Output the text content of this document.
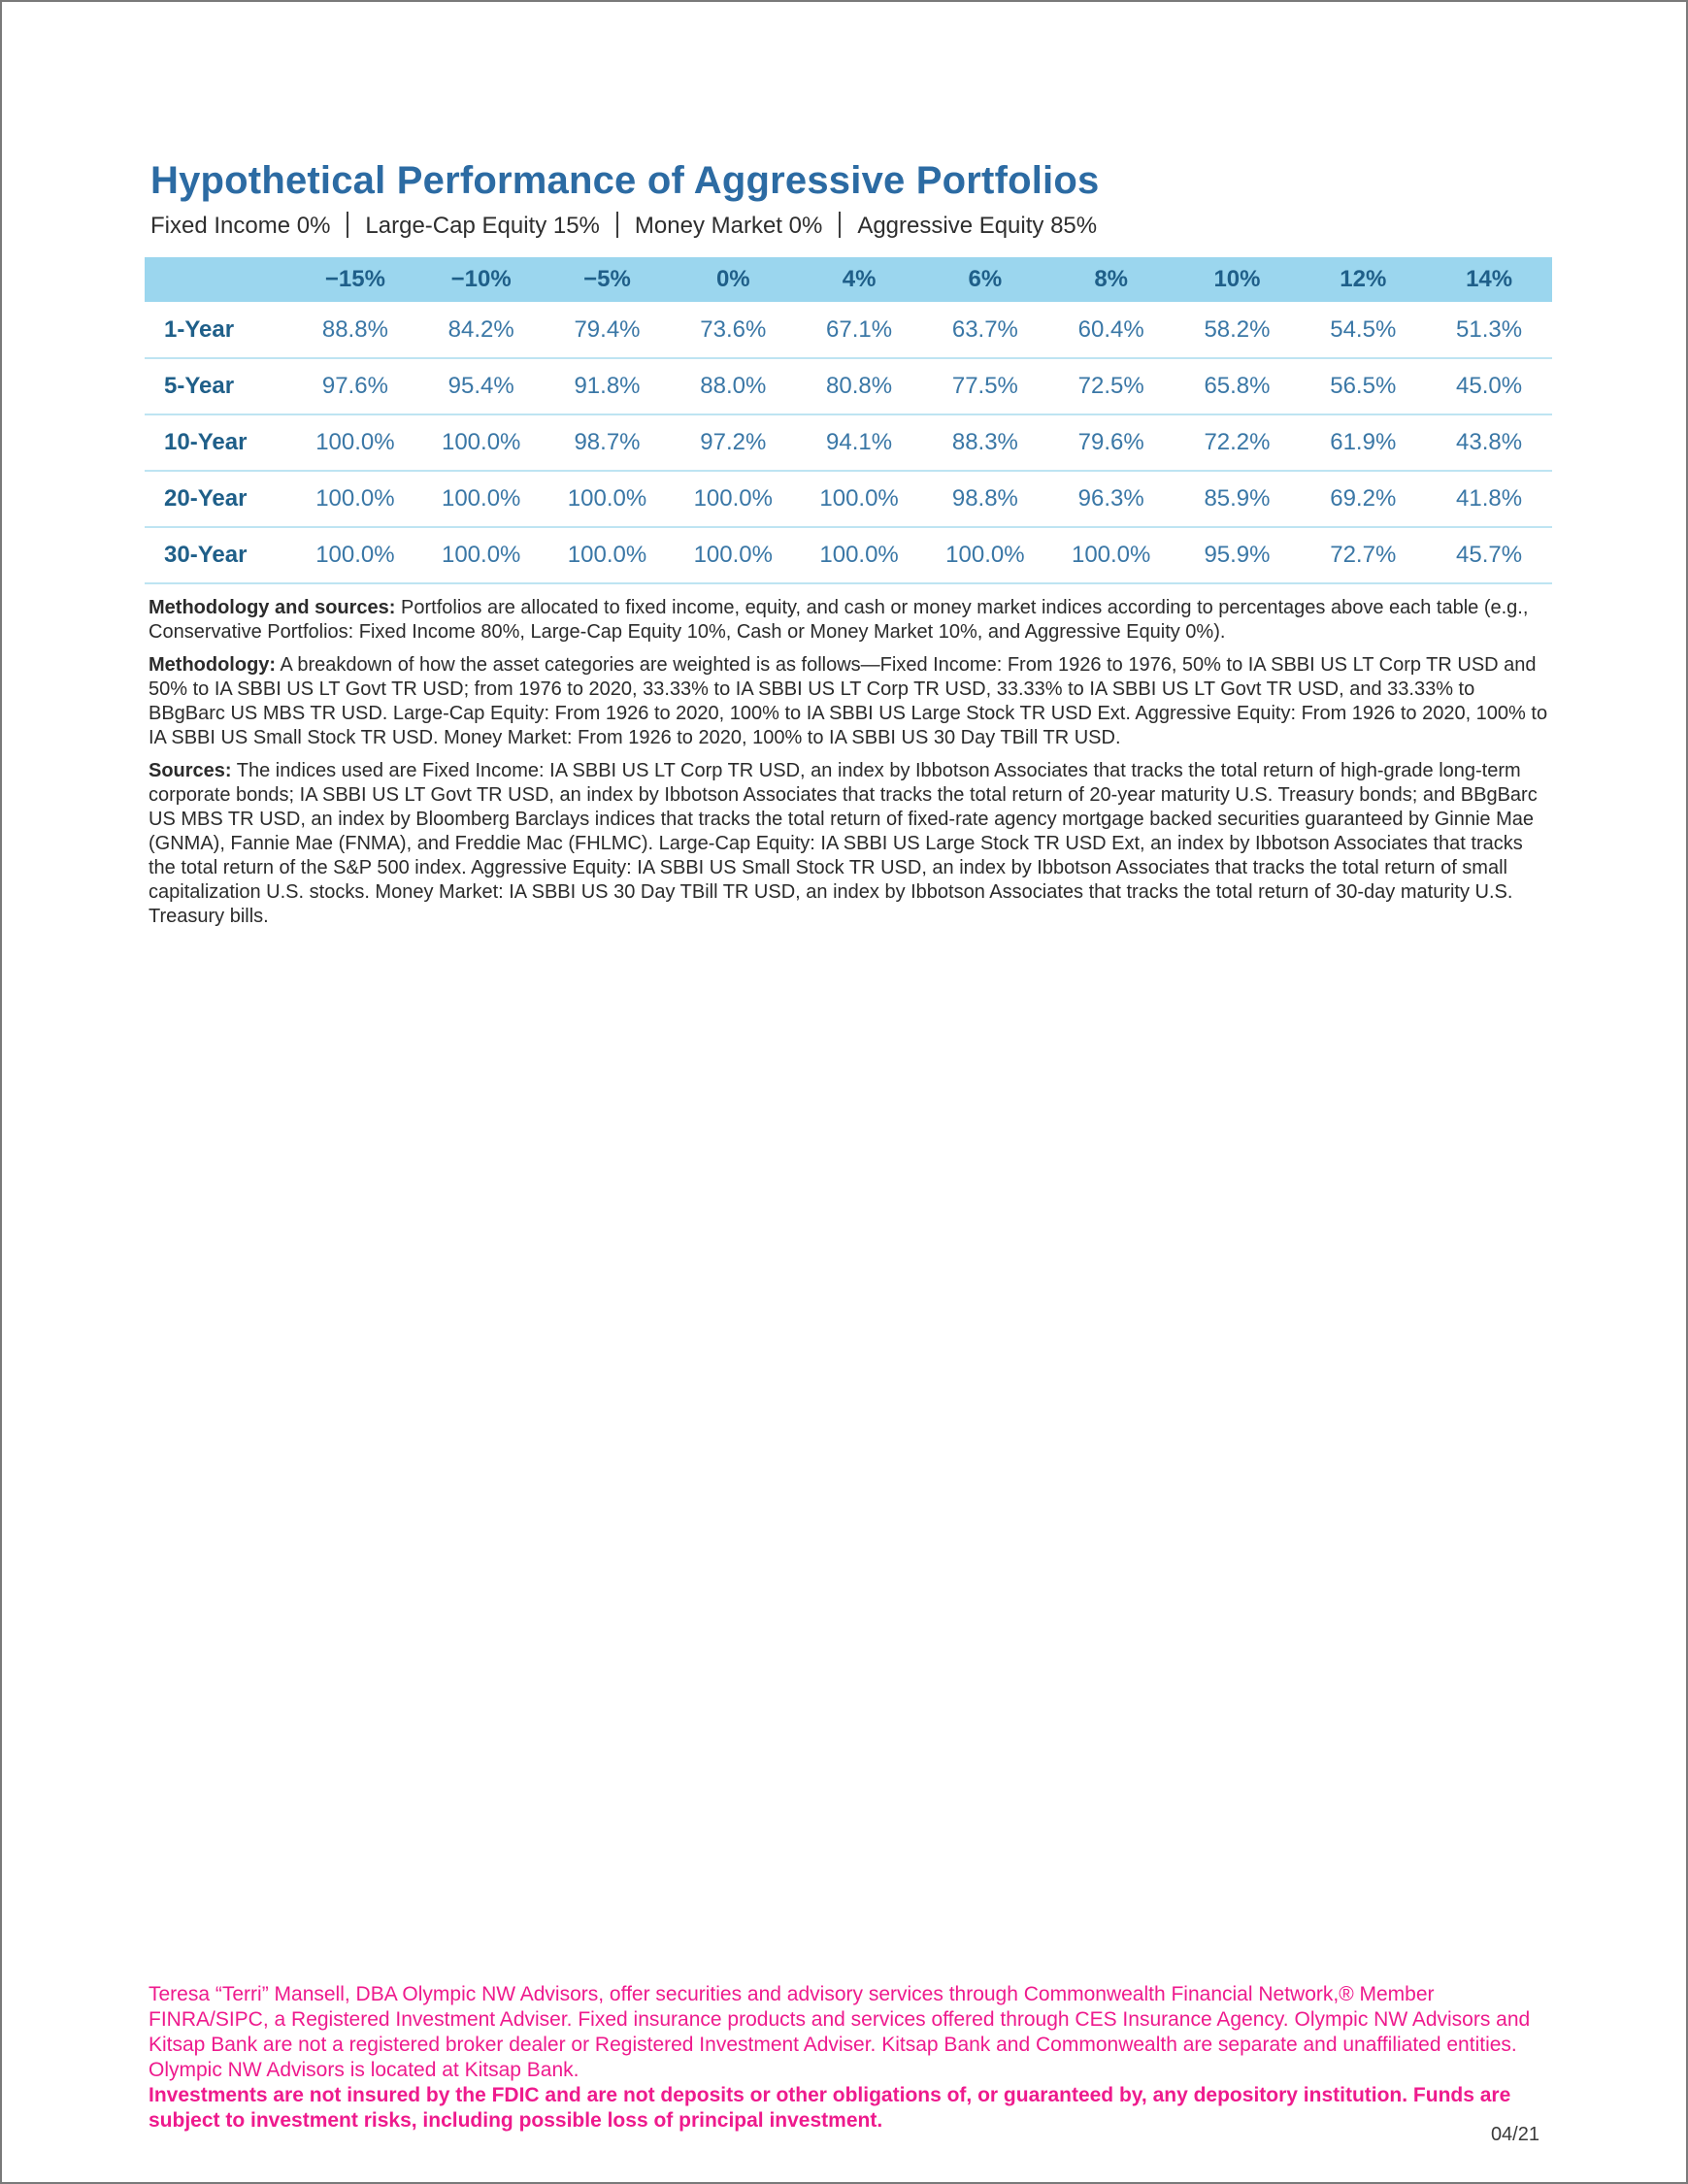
Hypothetical Performance of Aggressive Portfolios
Fixed Income 0% Large-Cap Equity 15% Money Market 0% Aggressive Equity 85%
	−15%	−10%	−5%	0%	4%	6%	8%	10%	12%	14%
1-Year	88.8%	84.2%	79.4%	73.6%	67.1%	63.7%	60.4%	58.2%	54.5%	51.3%
5-Year	97.6%	95.4%	91.8%	88.0%	80.8%	77.5%	72.5%	65.8%	56.5%	45.0%
10-Year	100.0%	100.0%	98.7%	97.2%	94.1%	88.3%	79.6%	72.2%	61.9%	43.8%
20-Year	100.0%	100.0%	100.0%	100.0%	100.0%	98.8%	96.3%	85.9%	69.2%	41.8%
30-Year	100.0%	100.0%	100.0%	100.0%	100.0%	100.0%	100.0%	95.9%	72.7%	45.7%

Methodology and sources: Portfolios are allocated to fixed income, equity, and cash or money market indices according to percentages above each table (e.g., Conservative Portfolios: Fixed Income 80%, Large-Cap Equity 10%, Cash or Money Market 10%, and Aggressive Equity 0%).

Methodology: A breakdown of how the asset categories are weighted is as follows—Fixed Income: From 1926 to 1976, 50% to IA SBBI US LT Corp TR USD and 50% to IA SBBI US LT Govt TR USD; from 1976 to 2020, 33.33% to IA SBBI US LT Corp TR USD, 33.33% to IA SBBI US LT Govt TR USD, and 33.33% to BBgBarc US MBS TR USD. Large-Cap Equity: From 1926 to 2020, 100% to IA SBBI US Large Stock TR USD Ext. Aggressive Equity: From 1926 to 2020, 100% to IA SBBI US Small Stock TR USD. Money Market: From 1926 to 2020, 100% to IA SBBI US 30 Day TBill TR USD.

Sources: The indices used are Fixed Income: IA SBBI US LT Corp TR USD, an index by Ibbotson Associates that tracks the total return of high-grade long-term corporate bonds; IA SBBI US LT Govt TR USD, an index by Ibbotson Associates that tracks the total return of 20-year maturity U.S. Treasury bonds; and BBgBarc US MBS TR USD, an index by Bloomberg Barclays indices that tracks the total return of fixed-rate agency mortgage backed securities guaranteed by Ginnie Mae (GNMA), Fannie Mae (FNMA), and Freddie Mac (FHLMC). Large-Cap Equity: IA SBBI US Large Stock TR USD Ext, an index by Ibbotson Associates that tracks the total return of the S&P 500 index. Aggressive Equity: IA SBBI US Small Stock TR USD, an index by Ibbotson Associates that tracks the total return of small capitalization U.S. stocks. Money Market: IA SBBI US 30 Day TBill TR USD, an index by Ibbotson Associates that tracks the total return of 30-day maturity U.S. Treasury bills.

Teresa “Terri” Mansell, DBA Olympic NW Advisors, offer securities and advisory services through Commonwealth Financial Network,® Member FINRA/SIPC, a Registered Investment Adviser. Fixed insurance products and services offered through CES Insurance Agency. Olympic NW Advisors and Kitsap Bank are not a registered broker dealer or Registered Investment Adviser. Kitsap Bank and Commonwealth are separate and unaffiliated entities. Olympic NW Advisors is located at Kitsap Bank.

Investments are not insured by the FDIC and are not deposits or other obligations of, or guaranteed by, any depository institution. Funds are subject to investment risks, including possible loss of principal investment.

04/21
